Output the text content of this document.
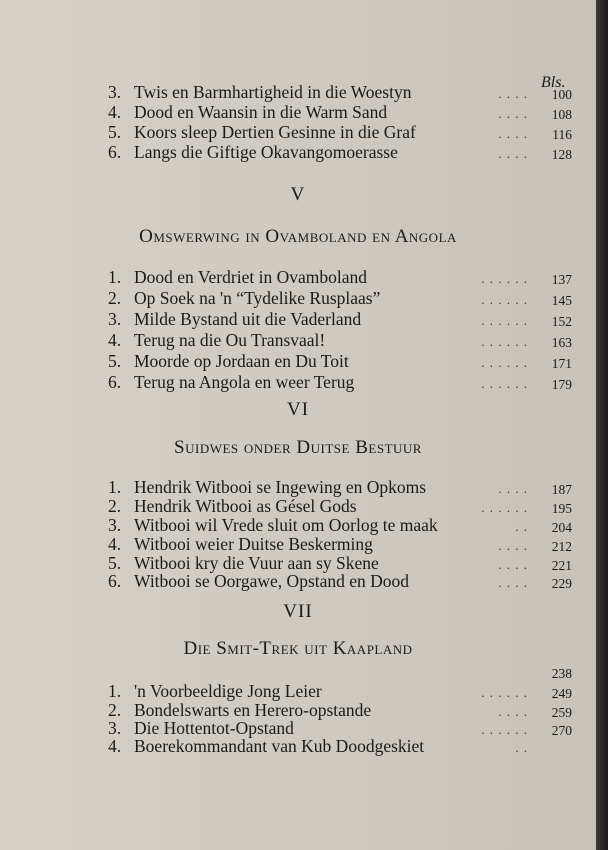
Bls.
3. Twis en Barmhartigheid in die Woestyn	. . . . 100
4. Dood en Waansin in die Warm Sand	. . . . 108
5. Koors sleep Dertien Gesinne in die Graf	. . . . 116
6. Langs die Giftige Okavangomoerasse	. . . . 128
V
Omswerwing in Ovamboland en Angola
1. Dood en Verdriet in Ovamboland	. . . . . . 137
2. Op Soek na 'n “Tydelike Rusplaas”	. . . . . . 145
3. Milde Bystand uit die Vaderland	. . . . . . 152
4. Terug na die Ou Transvaal!	. . . . . . 163
5. Moorde op Jordaan en Du Toit	. . . . . . 171
6. Terug na Angola en weer Terug	. . . . . . 179
VI
Suidwes onder Duitse Bestuur
1. Hendrik Witbooi se Ingewing en Opkoms	. . . . 187
2. Hendrik Witbooi as Gésel Gods	. . . . . . 195
3. Witbooi wil Vrede sluit om Oorlog te maak	. . 204
4. Witbooi weier Duitse Beskerming	. . . . 212
5. Witbooi kry die Vuur aan sy Skene	. . . . 221
6. Witbooi se Oorgawe, Opstand en Dood	. . . . 229
VII
Die Smit-Trek uit Kaapland
238
1. 'n Voorbeeldige Jong Leier	. . . . . . 249
2. Bondelswarts en Herero-opstande	. . . . 259
3. Die Hottentot-Opstand	. . . . . . 270
4. Boerekommandant van Kub Doodgeskiet	. .
